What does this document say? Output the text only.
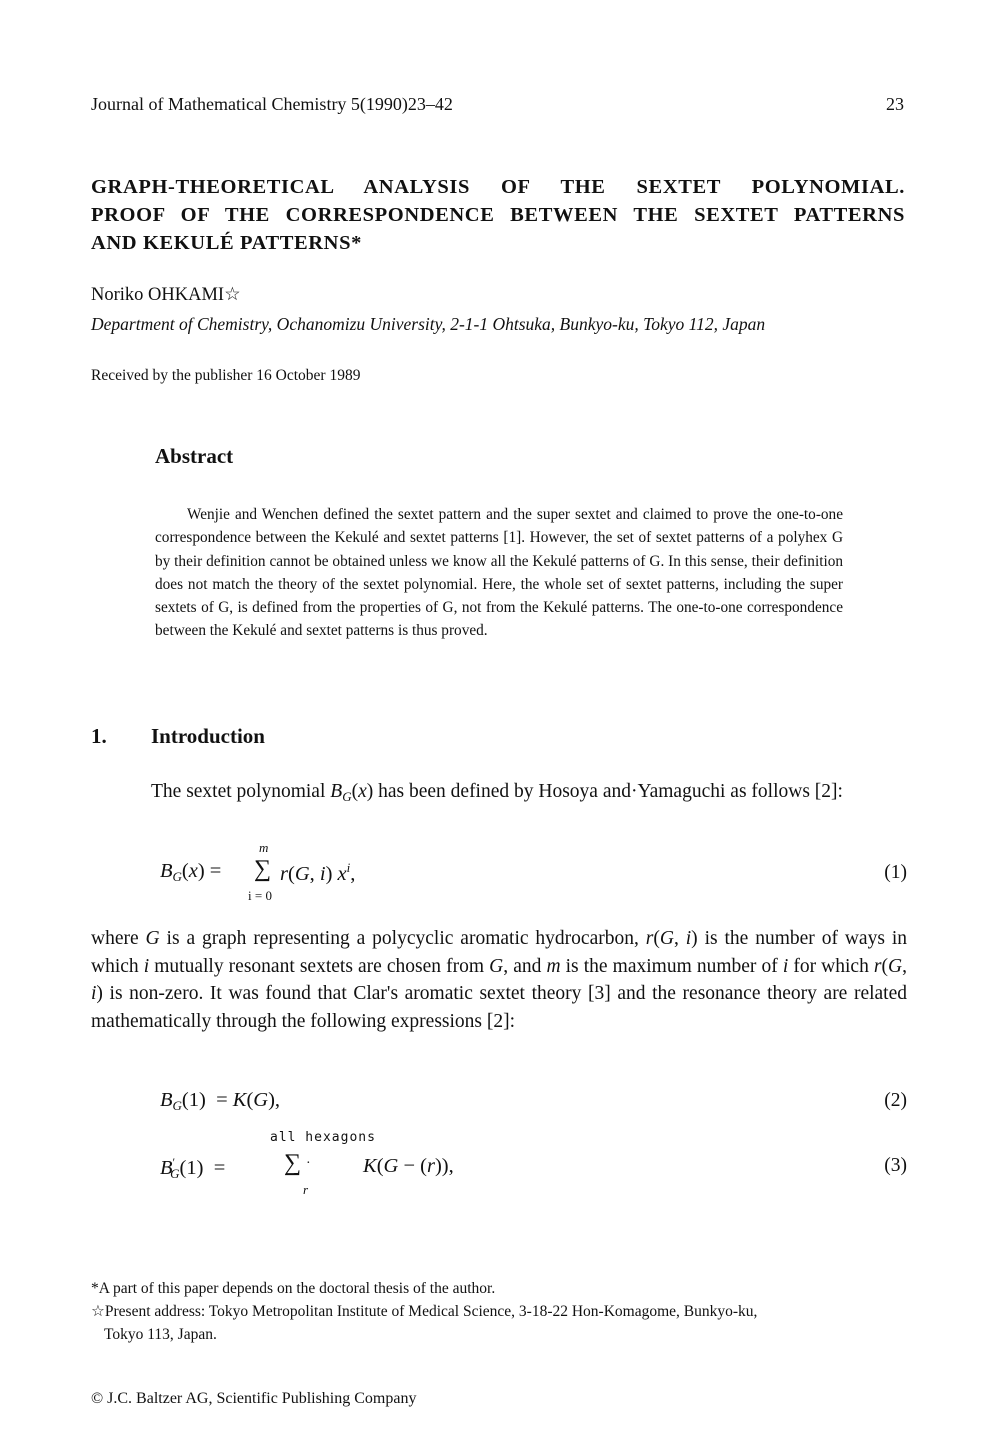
Journal of Mathematical Chemistry 5(1990)23–42	23
GRAPH-THEORETICAL ANALYSIS OF THE SEXTET POLYNOMIAL.
PROOF OF THE CORRESPONDENCE BETWEEN THE SEXTET PATTERNS
AND KEKULÉ PATTERNS*
Noriko OHKAMI☆
Department of Chemistry, Ochanomizu University, 2-1-1 Ohtsuka, Bunkyo-ku, Tokyo 112, Japan
Received by the publisher 16 October 1989
Abstract
Wenjie and Wenchen defined the sextet pattern and the super sextet and claimed to prove the one-to-one correspondence between the Kekulé and sextet patterns [1]. However, the set of sextet patterns of a polyhex G by their definition cannot be obtained unless we know all the Kekulé patterns of G. In this sense, their definition does not match the theory of the sextet polynomial. Here, the whole set of sextet patterns, including the super sextets of G, is defined from the properties of G, not from the Kekulé patterns. The one-to-one correspondence between the Kekulé and sextet patterns is thus proved.
1. Introduction
The sextet polynomial $B_G(x)$ has been defined by Hosoya and·Yamaguchi as follows [2]:
$B_G(x)$ =
m
∑
i = 0
r(G, i) $x^i$,	(1)
where G is a graph representing a polycyclic aromatic hydrocarbon, r(G, i) is the number of ways in which i mutually resonant sextets are chosen from G, and m is the maximum number of i for which r(G, i) is non-zero. It was found that Clar's aromatic sextet theory [3] and the resonance theory are related mathematically through the following expressions [2]:
$B_G(1) = K(G)$,	(2)
all hexagons
$B'_G(1)$  = ∑ ·
r
K(G − (r)),	(3)
*A part of this paper depends on the doctoral thesis of the author.
☆Present address: Tokyo Metropolitan Institute of Medical Science, 3-18-22 Hon-Komagome, Bunkyo-ku,
Tokyo 113, Japan.
© J.C. Baltzer AG, Scientific Publishing Company
